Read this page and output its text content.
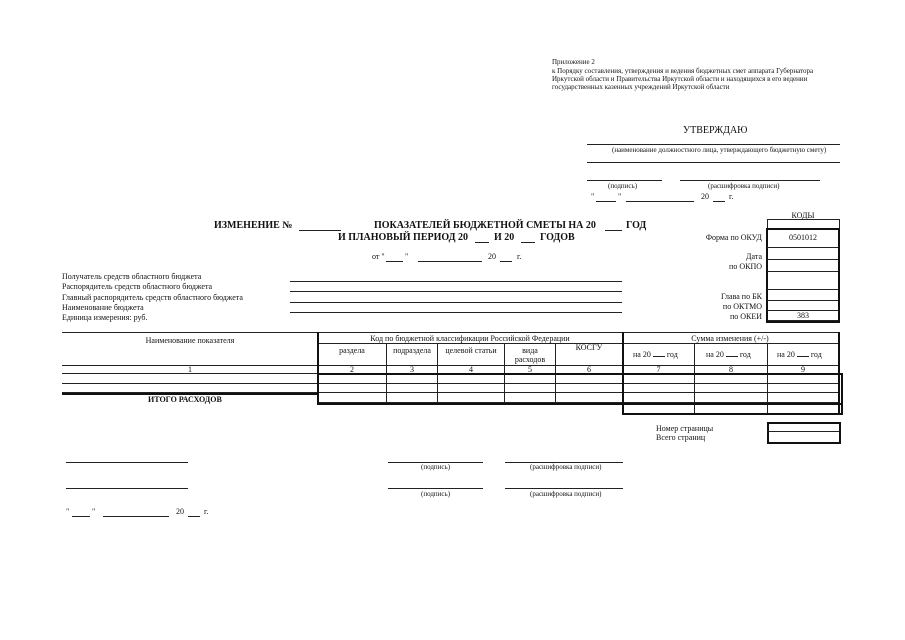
Приложение 2
к Порядку составления, утверждения и ведения бюджетных смет аппарата Губернатора
Иркутской области и Правительства Иркутской области и находящихся в его ведении
государственных казенных учреждений Иркутской области
УТВЕРЖДАЮ
(наименование должностного лица, утверждающего бюджетную смету)
(подпись)	(расшифровка подписи)
"	"	20	г.
ИЗМЕНЕНИЕ №	ПОКАЗАТЕЛЕЙ БЮДЖЕТНОЙ СМЕТЫ НА 20	ГОД
И ПЛАНОВЫЙ ПЕРИОД 20	И 20	ГОДОВ
от "	"	20	г.
КОДЫ
Форма по ОКУД	0501012
Дата
по ОКПО
Глава по БК
по ОКТМО
по ОКЕИ	383
Получатель средств областного бюджета
Распорядитель средств областного бюджета
Главный распорядитель средств областного бюджета
Наименование бюджета
Единица измерения: руб.
Наименование показателя	Код по бюджетной классификации Российской Федерации	Сумма изменения (+/-)
раздела	подраздела	целевой статьи	вида расходов
КОСГУ
на 20 год	на 20 год	на 20 год
1	2	3	4	5	6	7	8	9
ИТОГО РАСХОДОВ
Номер страницы
Всего страниц
(подпись)	(расшифровка подписи)
(подпись)	(расшифровка подписи)
"	"	20	г.
